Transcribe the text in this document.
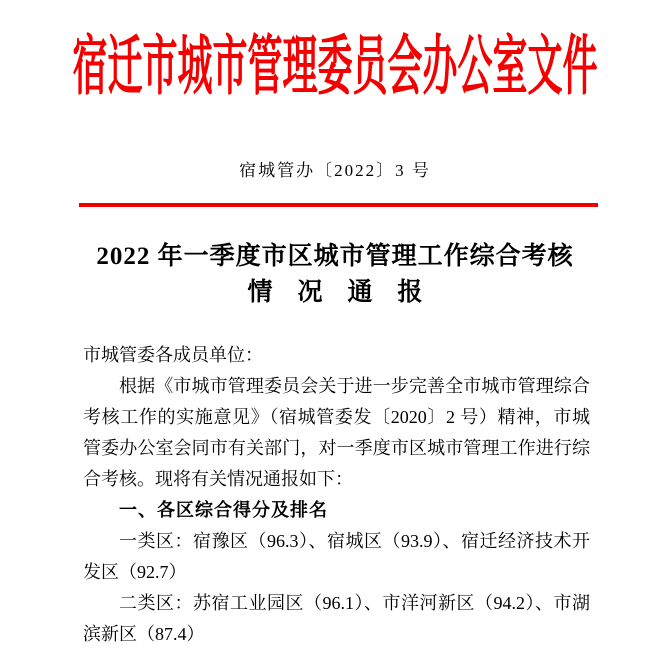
宿迁市城市管理委员会办公室文件
宿城管办〔2022〕3 号
2022 年一季度市区城市管理工作综合考核
情　况　通　报

市城管委各成员单位：

根据《市城市管理委员会关于进一步完善全市城市管理综合考核工作的实施意见》（宿城管委发〔2020〕2 号）精神，市城管委办公室会同市有关部门，对一季度市区城市管理工作进行综合考核。现将有关情况通报如下：

一、各区综合得分及排名

一类区：宿豫区（96.3）、宿城区（93.9）、宿迁经济技术开发区（92.7）

二类区：苏宿工业园区（96.1）、市洋河新区（94.2）、市湖滨新区（87.4）
